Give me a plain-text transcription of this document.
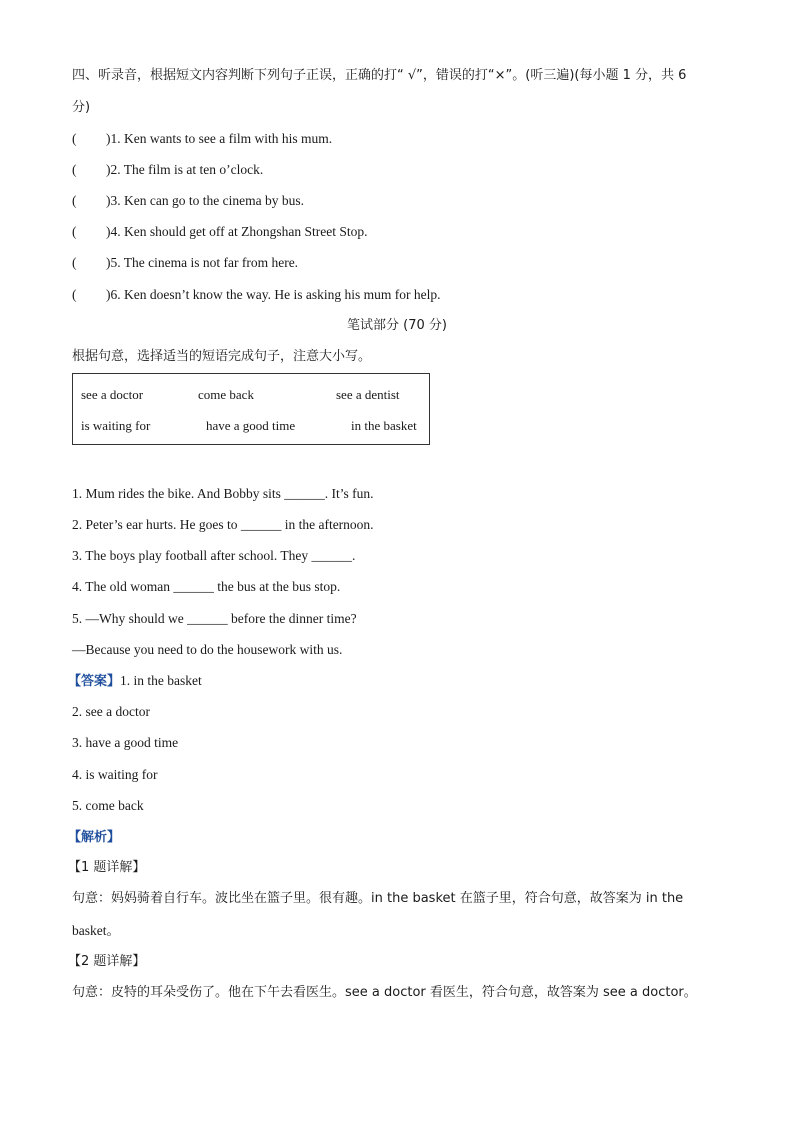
四、听录音，根据短文内容判断下列句子正误，正确的打“ √”，错误的打“×”。(听三遍)(每小题 1 分，共 6
分)
( )1. Ken wants to see a film with his mum.
( )2. The film is at ten o’clock.
( )3. Ken can go to the cinema by bus.
( )4. Ken should get off at Zhongshan Street Stop.
( )5. The cinema is not far from here.
( )6. Ken doesn’t know the way. He is asking his mum for help.
笔试部分 (70 分)
根据句意，选择适当的短语完成句子，注意大小写。
see a doctor	come back	see a dentist
is waiting for	have a good time	in the basket
1. Mum rides the bike. And Bobby sits ______. It’s fun.
2. Peter’s ear hurts. He goes to ______ in the afternoon.
3. The boys play football after school. They ______.
4. The old woman ______ the bus at the bus stop.
5. —Why should we ______ before the dinner time?
—Because you need to do the housework with us.
【答案】1. in the basket
2. see a doctor
3. have a good time
4. is waiting for
5. come back
【解析】
【1 题详解】
句意：妈妈骑着自行车。波比坐在篮子里。很有趣。in the basket 在篮子里，符合句意，故答案为 in the
basket。
【2 题详解】
句意：皮特的耳朵受伤了。他在下午去看医生。see a doctor 看医生，符合句意，故答案为 see a doctor。
